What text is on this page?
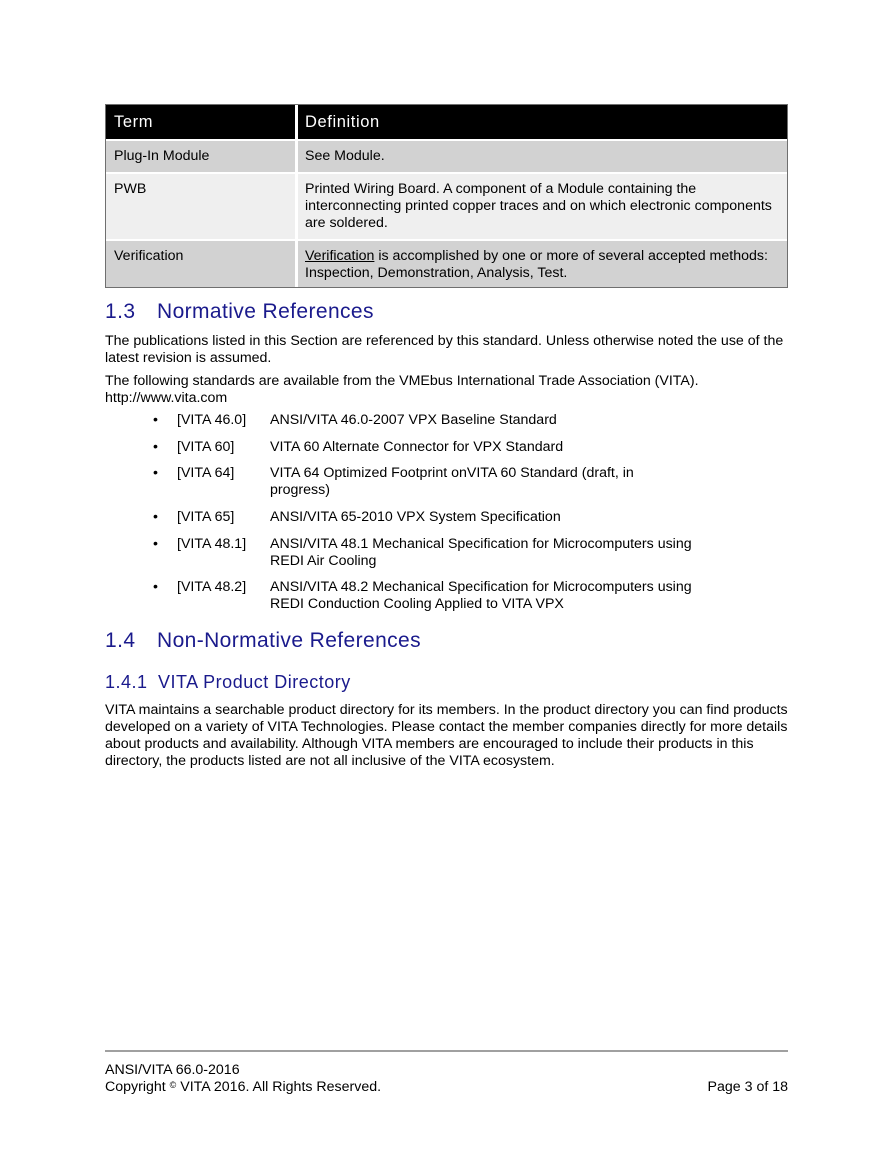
Term	Definition
Plug-In Module	See Module.
PWB	Printed Wiring Board. A component of a Module containing the interconnecting printed copper traces and on which electronic components are soldered.
Verification	Verification is accomplished by one or more of several accepted methods: Inspection, Demonstration, Analysis, Test.
1.3 Normative References

The publications listed in this Section are referenced by this standard. Unless otherwise noted the use of the latest revision is assumed.

The following standards are available from the VMEbus International Trade Association (VITA). http://www.vita.com

• [VITA 46.0] ANSI/VITA 46.0-2007 VPX Baseline Standard
• [VITA 60]	VITA 60 Alternate Connector for VPX Standard
• [VITA 64]	VITA 64 Optimized Footprint onVITA 60 Standard (draft, in progress)
• [VITA 65]	ANSI/VITA 65-2010 VPX System Specification
• [VITA 48.1] ANSI/VITA 48.1 Mechanical Specification for Microcomputers using REDI Air Cooling
• [VITA 48.2] ANSI/VITA 48.2 Mechanical Specification for Microcomputers using REDI Conduction Cooling Applied to VITA VPX
1.4 Non-Normative References
1.4.1 VITA Product Directory

VITA maintains a searchable product directory for its members. In the product directory you can find products developed on a variety of VITA Technologies. Please contact the member companies directly for more details about products and availability. Although VITA members are encouraged to include their products in this directory, the products listed are not all inclusive of the VITA ecosystem.

ANSI/VITA 66.0-2016
Copyright © VITA 2016. All Rights Reserved.	Page 3 of 18
